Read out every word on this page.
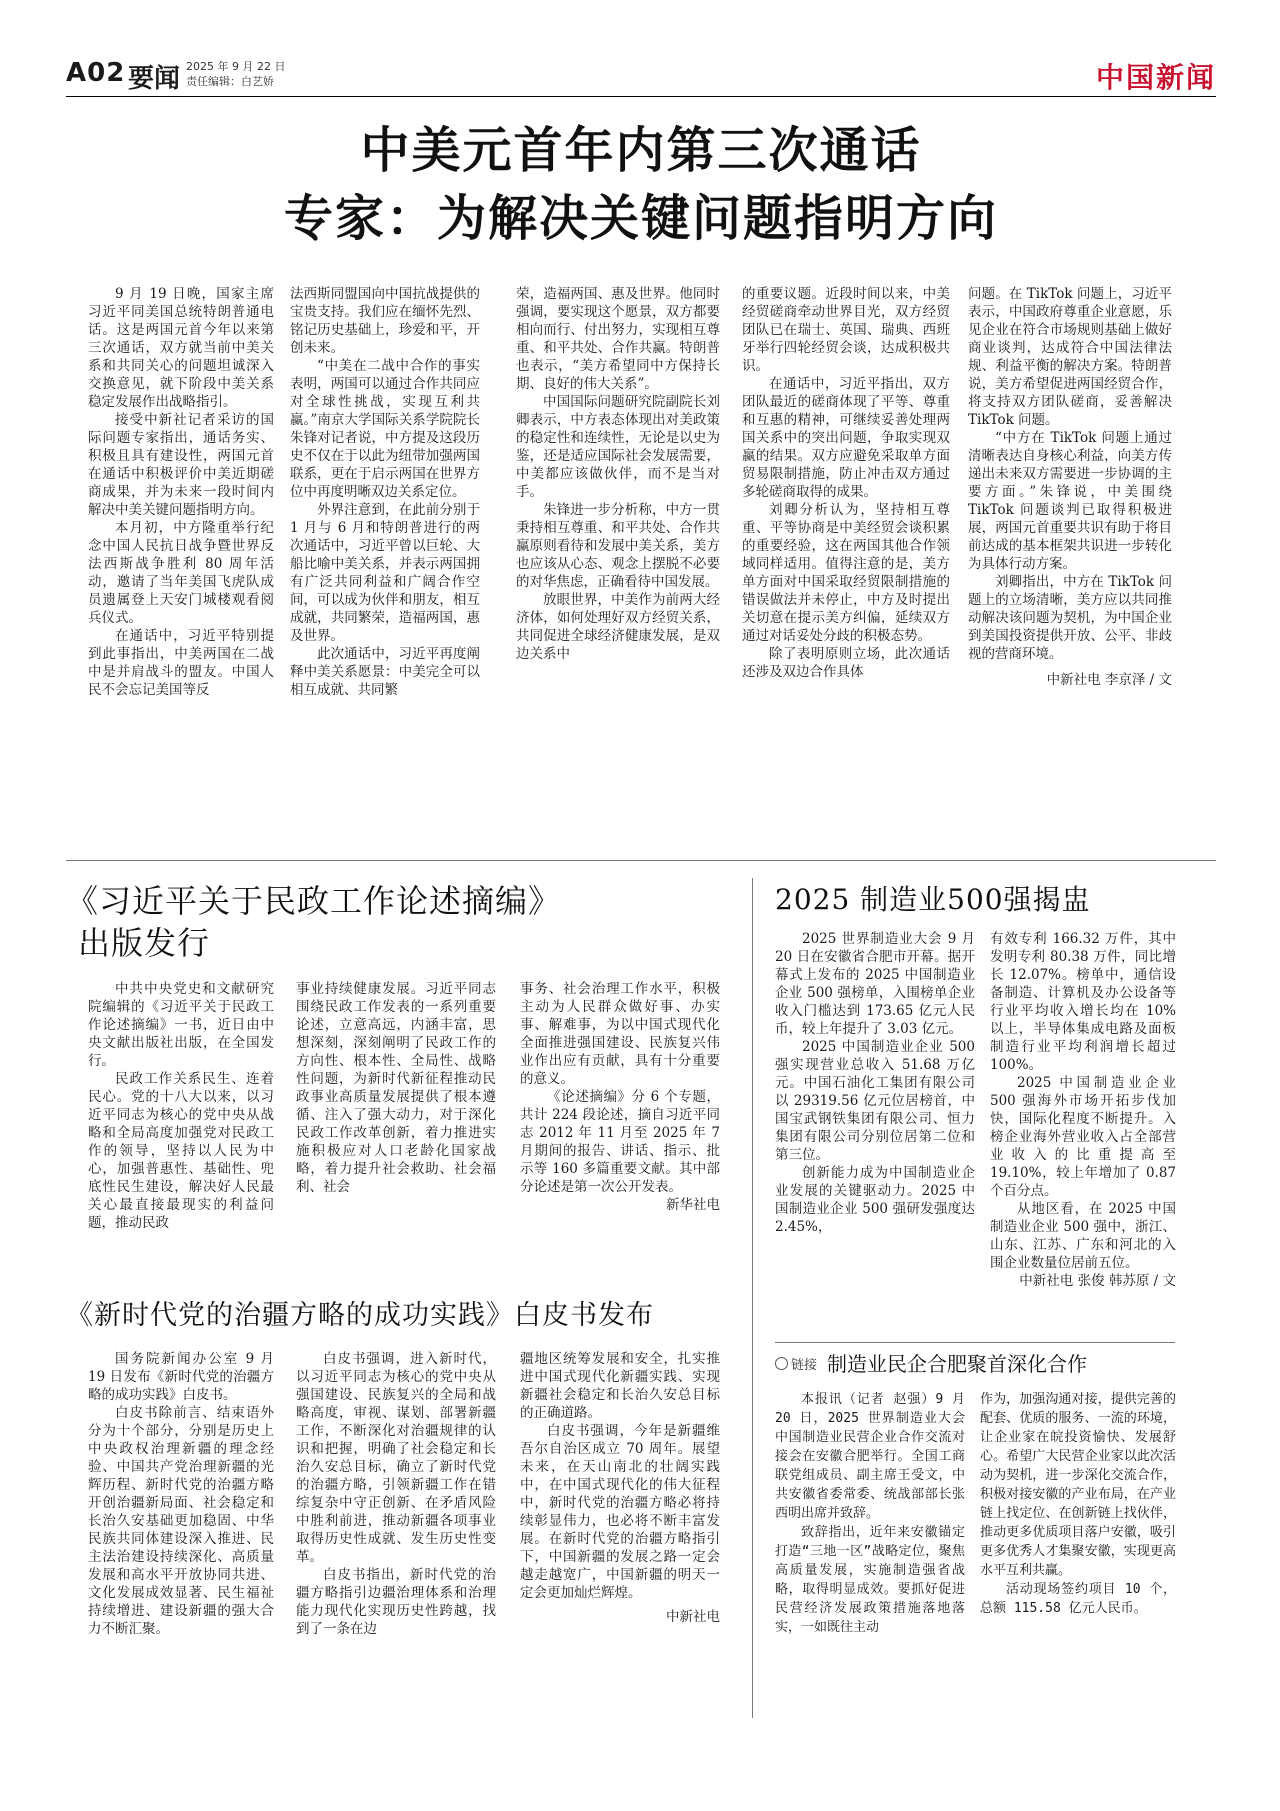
A02 要闻 2025 年 9 月 22 日
责任编辑：白艺娇	中国新闻
中美元首年内第三次通话
专家：为解决关键问题指明方向

9 月 19 日晚，国家主席习近平同美国总统特朗普通电话。这是两国元首今年以来第三次通话，双方就当前中美关系和共同关心的问题坦诚深入交换意见，就下阶段中美关系稳定发展作出战略指引。

接受中新社记者采访的国际问题专家指出，通话务实、积极且具有建设性，两国元首在通话中积极评价中美近期磋商成果，并为未来一段时间内解决中美关键问题指明方向。

本月初，中方隆重举行纪念中国人民抗日战争暨世界反法西斯战争胜利 80 周年活动，邀请了当年美国飞虎队成员遗属登上天安门城楼观看阅兵仪式。

在通话中，习近平特别提到此事指出，中美两国在二战中是并肩战斗的盟友。中国人民不会忘记美国等反

法西斯同盟国向中国抗战提供的宝贵支持。我们应在缅怀先烈、铭记历史基础上，珍爱和平，开创未来。

“中美在二战中合作的事实表明，两国可以通过合作共同应对全球性挑战，实现互利共赢。”南京大学国际关系学院院长朱锋对记者说，中方提及这段历史不仅在于以此为纽带加强两国联系，更在于启示两国在世界方位中再度明晰双边关系定位。

外界注意到，在此前分别于 1 月与 6 月和特朗普进行的两次通话中，习近平曾以巨轮、大船比喻中美关系，并表示两国拥有广泛共同利益和广阔合作空间，可以成为伙伴和朋友，相互成就，共同繁荣，造福两国，惠及世界。

此次通话中，习近平再度阐释中美关系愿景：中美完全可以相互成就、共同繁

荣，造福两国、惠及世界。他同时强调，要实现这个愿景，双方都要相向而行、付出努力，实现相互尊重、和平共处、合作共赢。特朗普也表示，“美方希望同中方保持长期、良好的伟大关系”。

中国国际问题研究院副院长刘卿表示，中方表态体现出对美政策的稳定性和连续性，无论是以史为鉴，还是适应国际社会发展需要，中美都应该做伙伴，而不是当对手。

朱锋进一步分析称，中方一贯秉持相互尊重、和平共处、合作共赢原则看待和发展中美关系，美方也应该从心态、观念上摆脱不必要的对华焦虑，正确看待中国发展。

放眼世界，中美作为前两大经济体，如何处理好双方经贸关系，共同促进全球经济健康发展，是双边关系中

的重要议题。近段时间以来，中美经贸磋商牵动世界目光，双方经贸团队已在瑞士、英国、瑞典、西班牙举行四轮经贸会谈，达成积极共识。

在通话中，习近平指出，双方团队最近的磋商体现了平等、尊重和互惠的精神，可继续妥善处理两国关系中的突出问题，争取实现双赢的结果。双方应避免采取单方面贸易限制措施，防止冲击双方通过多轮磋商取得的成果。

刘卿分析认为，坚持相互尊重、平等协商是中美经贸会谈积累的重要经验，这在两国其他合作领域同样适用。值得注意的是，美方单方面对中国采取经贸限制措施的错误做法并未停止，中方及时提出关切意在提示美方纠偏，延续双方通过对话妥处分歧的积极态势。

除了表明原则立场，此次通话还涉及双边合作具体

问题。在 TikTok 问题上，习近平表示，中国政府尊重企业意愿，乐见企业在符合市场规则基础上做好商业谈判，达成符合中国法律法规、利益平衡的解决方案。特朗普说，美方希望促进两国经贸合作，将支持双方团队磋商，妥善解决 TikTok 问题。

“中方在 TikTok 问题上通过清晰表达自身核心利益，向美方传递出未来双方需要进一步协调的主要方面。”朱锋说，中美围绕 TikTok 问题谈判已取得积极进展，两国元首重要共识有助于将目前达成的基本框架共识进一步转化为具体行动方案。

刘卿指出，中方在 TikTok 问题上的立场清晰，美方应以共同推动解决该问题为契机，为中国企业到美国投资提供开放、公平、非歧视的营商环境。

中新社电 李京泽 / 文

《习近平关于民政工作论述摘编》
出版发行

中共中央党史和文献研究院编辑的《习近平关于民政工作论述摘编》一书，近日由中央文献出版社出版，在全国发行。

民政工作关系民生、连着民心。党的十八大以来，以习近平同志为核心的党中央从战略和全局高度加强党对民政工作的领导，坚持以人民为中心，加强普惠性、基础性、兜底性民生建设，解决好人民最关心最直接最现实的利益问题，推动民政

事业持续健康发展。习近平同志围绕民政工作发表的一系列重要论述，立意高远，内涵丰富，思想深刻，深刻阐明了民政工作的方向性、根本性、全局性、战略性问题，为新时代新征程推动民政事业高质量发展提供了根本遵循、注入了强大动力，对于深化民政工作改革创新，着力推进实施积极应对人口老龄化国家战略，着力提升社会救助、社会福利、社会

事务、社会治理工作水平，积极主动为人民群众做好事、办实事、解难事，为以中国式现代化全面推进强国建设、民族复兴伟业作出应有贡献，具有十分重要的意义。

《论述摘编》分 6 个专题，共计 224 段论述，摘自习近平同志 2012 年 11 月至 2025 年 7 月期间的报告、讲话、指示、批示等 160 多篇重要文献。其中部分论述是第一次公开发表。

新华社电

《新时代党的治疆方略的成功实践》白皮书发布

国务院新闻办公室 9 月 19 日发布《新时代党的治疆方略的成功实践》白皮书。

白皮书除前言、结束语外分为十个部分，分别是历史上中央政权治理新疆的理念经验、中国共产党治理新疆的光辉历程、新时代党的治疆方略开创治疆新局面、社会稳定和长治久安基础更加稳固、中华民族共同体建设深入推进、民主法治建设持续深化、高质量发展和高水平开放协同共进、文化发展成效显著、民生福祉持续增进、建设新疆的强大合力不断汇聚。

白皮书强调，进入新时代，以习近平同志为核心的党中央从强国建设、民族复兴的全局和战略高度，审视、谋划、部署新疆工作，不断深化对治疆规律的认识和把握，明确了社会稳定和长治久安总目标，确立了新时代党的治疆方略，引领新疆工作在错综复杂中守正创新、在矛盾风险中胜利前进，推动新疆各项事业取得历史性成就、发生历史性变革。

白皮书指出，新时代党的治疆方略指引边疆治理体系和治理能力现代化实现历史性跨越，找到了一条在边

疆地区统筹发展和安全，扎实推进中国式现代化新疆实践、实现新疆社会稳定和长治久安总目标的正确道路。

白皮书强调，今年是新疆维吾尔自治区成立 70 周年。展望未来，在天山南北的壮阔实践中，在中国式现代化的伟大征程中，新时代党的治疆方略必将持续彰显伟力，也必将不断丰富发展。在新时代党的治疆方略指引下，中国新疆的发展之路一定会越走越宽广，中国新疆的明天一定会更加灿烂辉煌。

中新社电

2025 制造业500强揭盅

2025 世界制造业大会 9 月 20 日在安徽省合肥市开幕。据开幕式上发布的 2025 中国制造业企业 500 强榜单，入围榜单企业收入门槛达到 173.65 亿元人民币，较上年提升了 3.03 亿元。

2025 中国制造业企业 500 强实现营业总收入 51.68 万亿元。中国石油化工集团有限公司以 29319.56 亿元位居榜首，中国宝武钢铁集团有限公司、恒力集团有限公司分别位居第二位和第三位。

创新能力成为中国制造业企业发展的关键驱动力。2025 中国制造业企业 500 强研发强度达 2.45%，

有效专利 166.32 万件，其中发明专利 80.38 万件，同比增长 12.07%。榜单中，通信设备制造、计算机及办公设备等行业平均收入增长均在 10% 以上，半导体集成电路及面板制造行业平均利润增长超过 100%。

2025 中国制造业企业 500 强海外市场开拓步伐加快，国际化程度不断提升。入榜企业海外营业收入占全部营业收入的比重提高至 19.10%，较上年增加了 0.87 个百分点。

从地区看，在 2025 中国制造业企业 500 强中，浙江、山东、江苏、广东和河北的入围企业数量位居前五位。

中新社电 张俊 韩苏原 / 文

链接 制造业民企合肥聚首深化合作

本报讯（记者 赵强）9 月 20 日，2025 世界制造业大会中国制造业民营企业合作交流对接会在安徽合肥举行。全国工商联党组成员、副主席王受文，中共安徽省委常委、统战部部长张西明出席并致辞。

致辞指出，近年来安徽锚定打造“三地一区”战略定位，聚焦高质量发展，实施制造强省战略，取得明显成效。要抓好促进民营经济发展政策措施落地落实，一如既往主动

作为，加强沟通对接，提供完善的配套、优质的服务、一流的环境，让企业家在皖投资愉快、发展舒心。希望广大民营企业家以此次活动为契机，进一步深化交流合作，积极对接安徽的产业布局，在产业链上找定位、在创新链上找伙伴，推动更多优质项目落户安徽，吸引更多优秀人才集聚安徽，实现更高水平互利共赢。

活动现场签约项目 10 个，总额 115.58 亿元人民币。
